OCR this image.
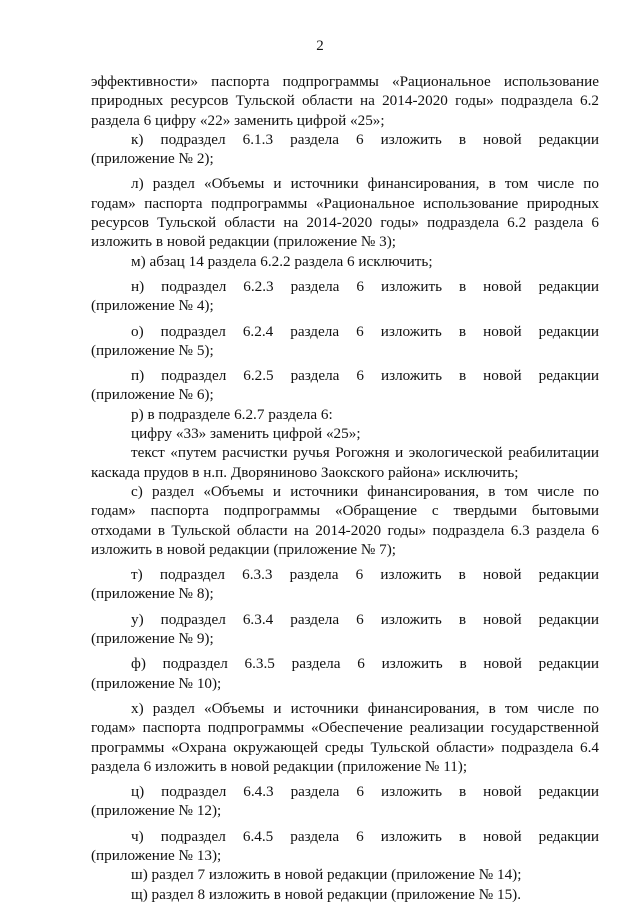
2
эффективности» паспорта подпрограммы «Рациональное использование
природных ресурсов Тульской области на 2014-2020 годы» подраздела 6.2
раздела 6 цифру «22» заменить цифрой «25»;
к) подраздел 6.1.3 раздела 6 изложить в новой редакции
(приложение № 2);
л) раздел «Объемы и источники финансирования, в том числе по
годам» паспорта подпрограммы «Рациональное использование природных
ресурсов Тульской области на 2014-2020 годы» подраздела 6.2 раздела 6
изложить в новой редакции (приложение № 3);
м) абзац 14 раздела 6.2.2 раздела 6 исключить;
н) подраздел 6.2.3 раздела 6 изложить в новой редакции
(приложение № 4);
о) подраздел 6.2.4 раздела 6 изложить в новой редакции
(приложение № 5);
п) подраздел 6.2.5 раздела 6 изложить в новой редакции
(приложение № 6);
р) в подразделе 6.2.7 раздела 6:
цифру «33» заменить цифрой «25»;
текст «путем расчистки ручья Рогожня и экологической реабилитации
каскада прудов в н.п. Дворяниново Заокского района» исключить;
с) раздел «Объемы и источники финансирования, в том числе по
годам» паспорта подпрограммы «Обращение с твердыми бытовыми
отходами в Тульской области на 2014-2020 годы» подраздела 6.3 раздела 6
изложить в новой редакции (приложение № 7);
т) подраздел 6.3.3 раздела 6 изложить в новой редакции
(приложение № 8);
у) подраздел 6.3.4 раздела 6 изложить в новой редакции
(приложение № 9);
ф) подраздел 6.3.5 раздела 6 изложить в новой редакции
(приложение № 10);
х) раздел «Объемы и источники финансирования, в том числе по
годам» паспорта подпрограммы «Обеспечение реализации государственной
программы «Охрана окружающей среды Тульской области» подраздела 6.4
раздела 6 изложить в новой редакции (приложение № 11);
ц) подраздел 6.4.3 раздела 6 изложить в новой редакции
(приложение № 12);
ч) подраздел 6.4.5 раздела 6 изложить в новой редакции
(приложение № 13);
ш) раздел 7 изложить в новой редакции (приложение № 14);
щ) раздел 8 изложить в новой редакции (приложение № 15).
